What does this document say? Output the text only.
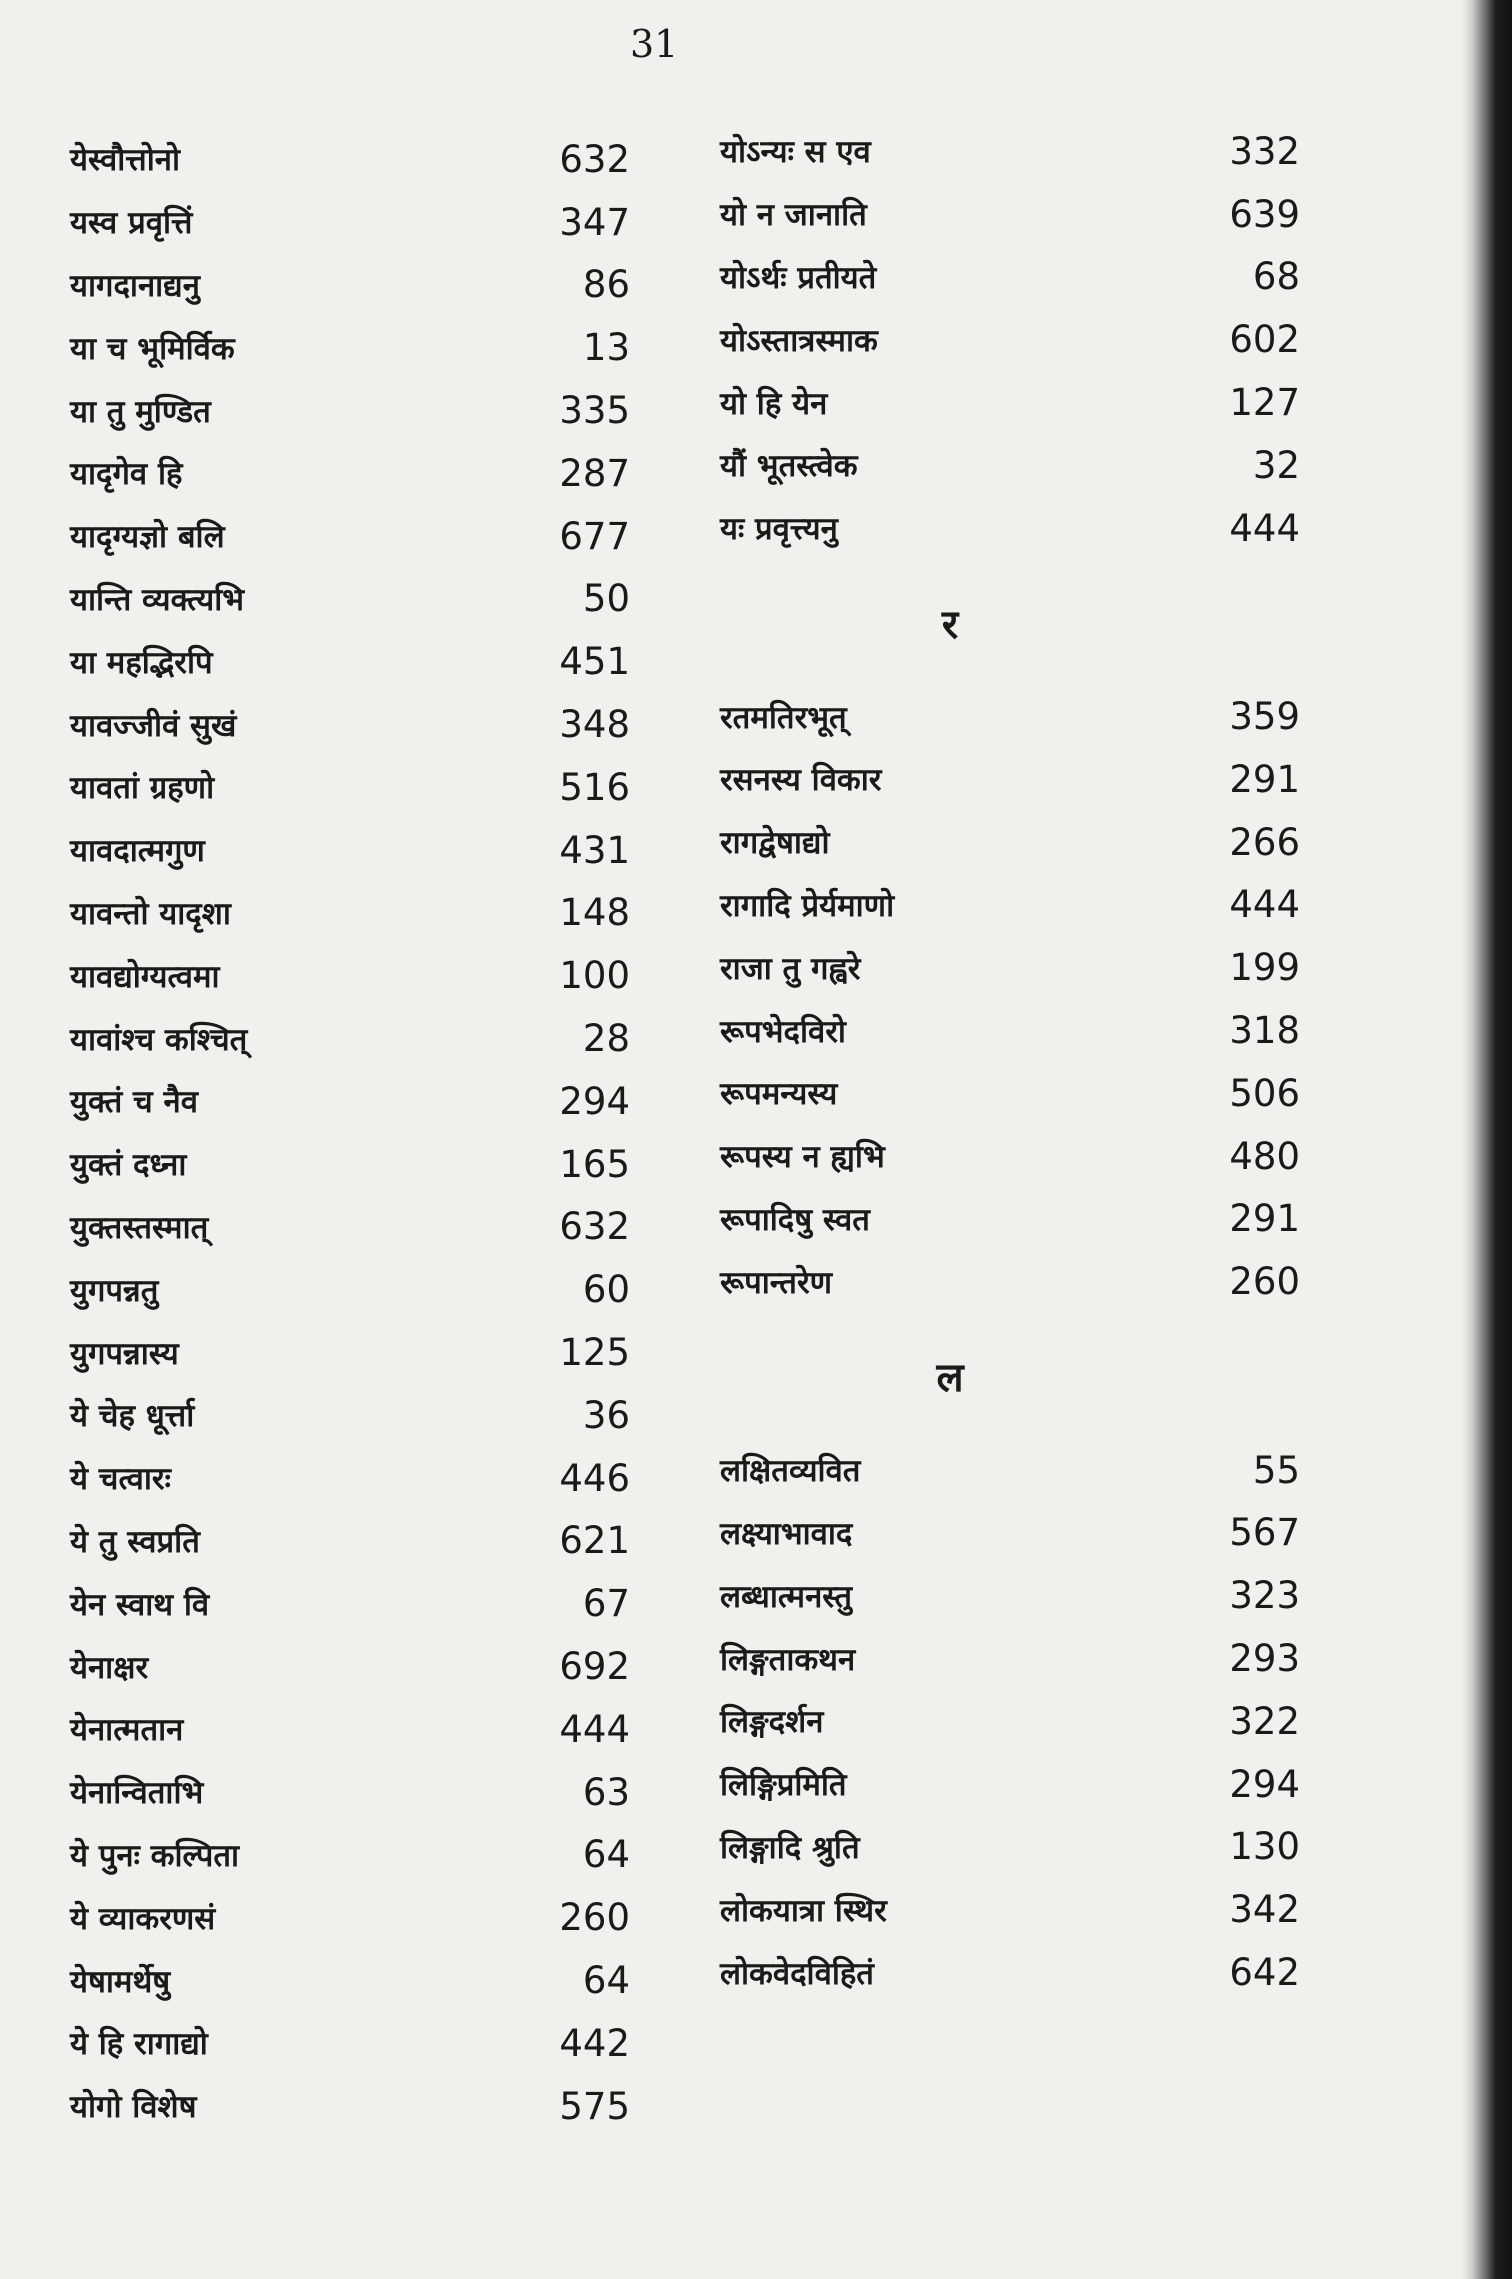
31
येस्वौत्तोनो	632
यस्व प्रवृत्तिं	347
यागदानाद्यनु	86
या च भूमिर्विक	13
या तु मुण्डित	335
यादृगेव हि	287
यादृग्यज्ञो बलि	677
यान्ति व्यक्त्यभि	50
या महद्भिरपि	451
यावज्जीवं सुखं	348
यावतां ग्रहणो	516
यावदात्मगुण	431
यावन्तो यादृशा	148
यावद्योग्यत्वमा	100
यावांश्च कश्चित्	28
युक्तं च नैव	294
युक्तं दध्ना	165
युक्तस्तस्मात्	632
युगपन्नतु	60
युगपन्नास्य	125
ये चेह धूर्त्ता	36
ये चत्वारः	446
ये तु स्वप्रति	621
येन स्वाथ वि	67
येनाक्षर	692
येनात्मतान	444
येनान्विताभि	63
ये पुनः कल्पिता	64
ये व्याकरणसं	260
येषामर्थेषु	64
ये हि रागाद्यो	442
योगो विशेष	575
योऽन्यः स एव	332
यो न जानाति	639
योऽर्थः प्रतीयते	68
योऽस्तात्रस्माक	602
यो हि येन	127
यौं भूतस्त्वेक	32
यः प्रवृत्त्यनु	444
र
रतमतिरभूत्	359
रसनस्य विकार	291
रागद्वेषाद्यो	266
रागादि प्रेर्यमाणो	444
राजा तु गह्वरे	199
रूपभेदविरो	318
रूपमन्यस्य	506
रूपस्य न ह्यभि	480
रूपादिषु स्वत	291
रूपान्तरेण	260
ल
लक्षितव्यवित	55
लक्ष्याभावाद	567
लब्धात्मनस्तु	323
लिङ्गताकथन	293
लिङ्गदर्शन	322
लिङ्गिप्रमिति	294
लिङ्गादि श्रुति	130
लोकयात्रा स्थिर	342
लोकवेदविहितं	642
